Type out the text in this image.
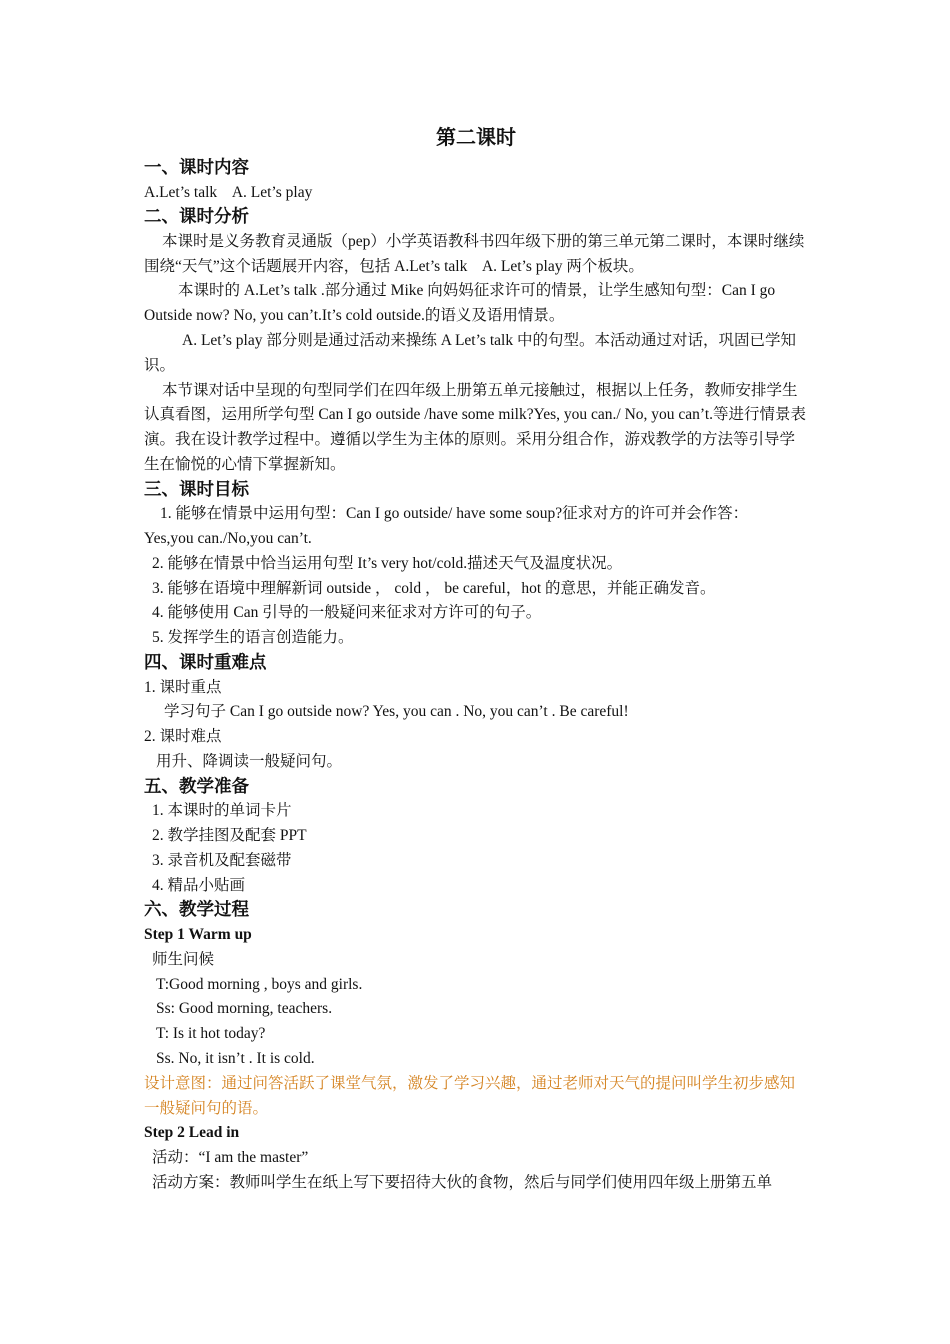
第二课时
一、课时内容
A.Let’s talk    A. Let’s play
二、课时分析
本课时是义务教育灵通版（pep）小学英语教科书四年级下册的第三单元第二课时，本课时继续围绕“天气”这个话题展开内容，包括 A.Let’s talk    A. Let’s play 两个板块。
本课时的 A.Let’s talk .部分通过 Mike 向妈妈征求许可的情景，让学生感知句型：Can I go
Outside now? No, you can’t.It’s cold outside.的语义及语用情景。
A. Let’s play 部分则是通过活动来操练 A Let’s talk 中的句型。本活动通过对话，巩固已学知识。
本节课对话中呈现的句型同学们在四年级上册第五单元接触过，根据以上任务，教师安排学生认真看图，运用所学句型 Can I go outside /have some milk?Yes, you can./ No, you can’t.等进行情景表演。我在设计教学过程中。遵循以学生为主体的原则。采用分组合作，游戏教学的方法等引导学生在愉悦的心情下掌握新知。
三、课时目标
1. 能够在情景中运用句型：Can I go outside/ have some soup?征求对方的许可并会作答：
Yes,you can./No,you can’t.
2. 能够在情景中恰当运用句型 It’s very hot/cold.描述天气及温度状况。
3. 能够在语境中理解新词 outside ， cold ， be careful，hot 的意思，并能正确发音。
4. 能够使用 Can 引导的一般疑问来征求对方许可的句子。
5. 发挥学生的语言创造能力。
四、课时重难点
1. 课时重点
学习句子 Can I go outside now? Yes, you can . No, you can’t . Be careful!
2. 课时难点
用升、降调读一般疑问句。
五、教学准备
1. 本课时的单词卡片
2. 教学挂图及配套 PPT
3. 录音机及配套磁带
4. 精品小贴画
六、教学过程
Step 1 Warm up
师生问候
T:Good morning , boys and girls.
Ss: Good morning, teachers.
T: Is it hot today?
Ss. No, it isn’t . It is cold.
设计意图：通过问答活跃了课堂气氛，激发了学习兴趣，通过老师对天气的提问叫学生初步感知一般疑问句的语。
Step 2 Lead in
活动：“I am the master”
活动方案：教师叫学生在纸上写下要招待大伙的食物，然后与同学们使用四年级上册第五单
